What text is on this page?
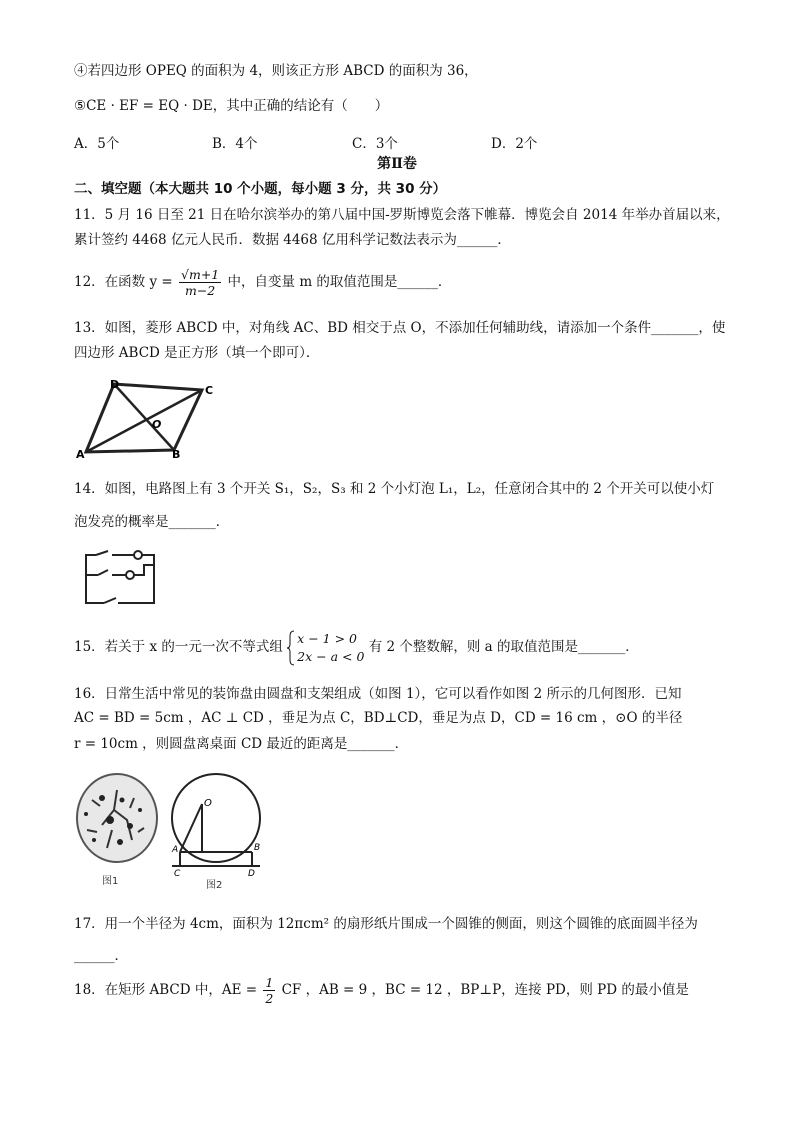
④若四边形 OPEQ 的面积为 4，则该正方形 ABCD 的面积为 36，
⑤CE · EF = EQ · DE，其中正确的结论有（　　）
A．5个	B．4个	C．3个	D．2个
第Ⅱ卷
二、填空题（本大题共 10 个小题，每小题 3 分，共 30 分）
11．5 月 16 日至 21 日在哈尔滨举办的第八届中国-罗斯博览会落下帷幕．博览会自 2014 年举办首届以来，
累计签约 4468 亿元人民币．数据 4468 亿用科学记数法表示为______．
12．在函数 $y = \frac{√m+1}{m-2}$ 中，自变量 m 的取值范围是______．
13．如图，菱形 ABCD 中，对角线 AC、BD 相交于点 O，不添加任何辅助线，请添加一个条件_______，使
四边形 ABCD 是正方形（填一个即可）．
D	C
O
A	B
14．如图，电路图上有 3 个开关 S₁，S₂，S₃ 和 2 个小灯泡 L₁，L₂，任意闭合其中的 2 个开关可以使小灯
泡发亮的概率是_______．
15．若关于 x 的一元一次不等式组
x − 1 > 0
2x − a < 0
有 2 个整数解，则 a 的取值范围是_______．
16．日常生活中常见的装饰盘由圆盘和支架组成（如图 1），它可以看作如图 2 所示的几何图形．已知
AC = BD = 5cm ，AC ⊥ CD ，垂足为点 C，BD⊥CD，垂足为点 D，CD = 16 cm ，⊙O 的半径
r = 10cm ，则圆盘离桌面 CD 最近的距离是_______．
图1
O
A	B
C	D
图2
17．用一个半径为 4cm，面积为 12πcm² 的扇形纸片围成一个圆锥的侧面，则这个圆锥的底面圆半径为
______．
18．在矩形 ABCD 中，AE = $\frac{1}{2}$ CF ，AB = 9 ，BC = 12 ，BP⊥P，连接 PD，则 PD 的最小值是
